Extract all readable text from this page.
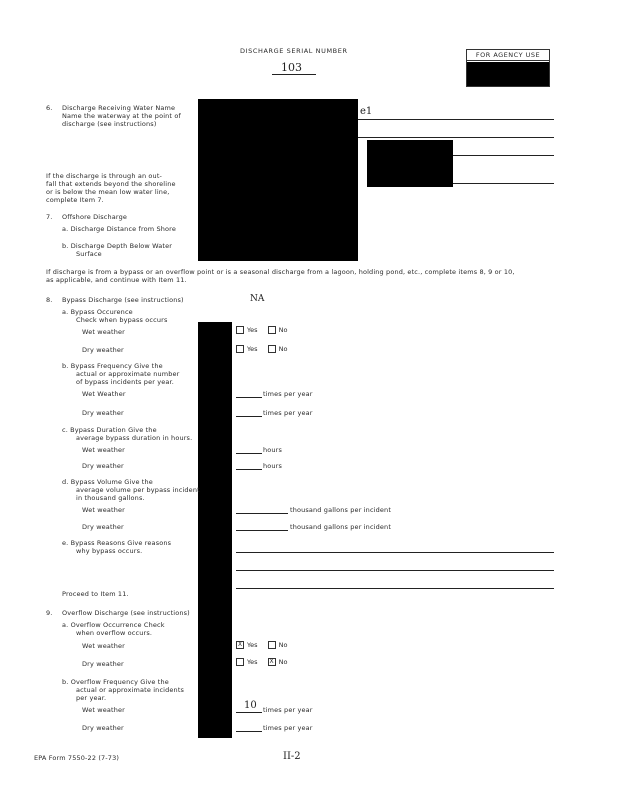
DISCHARGE SERIAL NUMBER
103
FOR AGENCY USE
6. Discharge Receiving Water Name
Name the waterway at the point of
discharge (see instructions)
e1
If the discharge is through an out-
fall that extends beyond the shoreline
or is below the mean low water line,
complete Item 7.
7. Offshore Discharge
a. Discharge Distance from Shore
b. Discharge Depth Below Water
Surface
If discharge is from a bypass or an overflow point or is a seasonal discharge from a lagoon, holding pond, etc., complete items 8, 9 or 10,
as applicable, and continue with Item 11.
8. Bypass Discharge (see instructions)	NA
a. Bypass Occurence
Check when bypass occurs
Wet weather	Yes	No
Dry weather	Yes	No
b. Bypass Frequency Give the
actual or approximate number
of bypass incidents per year.
Wet Weather	times per year
Dry weather	times per year
c. Bypass Duration Give the
average bypass duration in hours.
Wet weather	hours
Dry weather	hours
d. Bypass Volume Give the
average volume per bypass incident
in thousand gallons.
Wet weather	thousand gallons per incident
Dry weather	thousand gallons per incident
e. Bypass Reasons Give reasons
why bypass occurs.
Proceed to Item 11.
9. Overflow Discharge (see instructions)
a. Overflow Occurrence Check
when overflow occurs.
Wet weather	X Yes	No
Dry weather	Yes X No
b. Overflow Frequency Give the
actual or approximate incidents
per year.
Wet weather	10 times per year
Dry weather	times per year
EPA Form 7550-22 (7-73)	II-2
